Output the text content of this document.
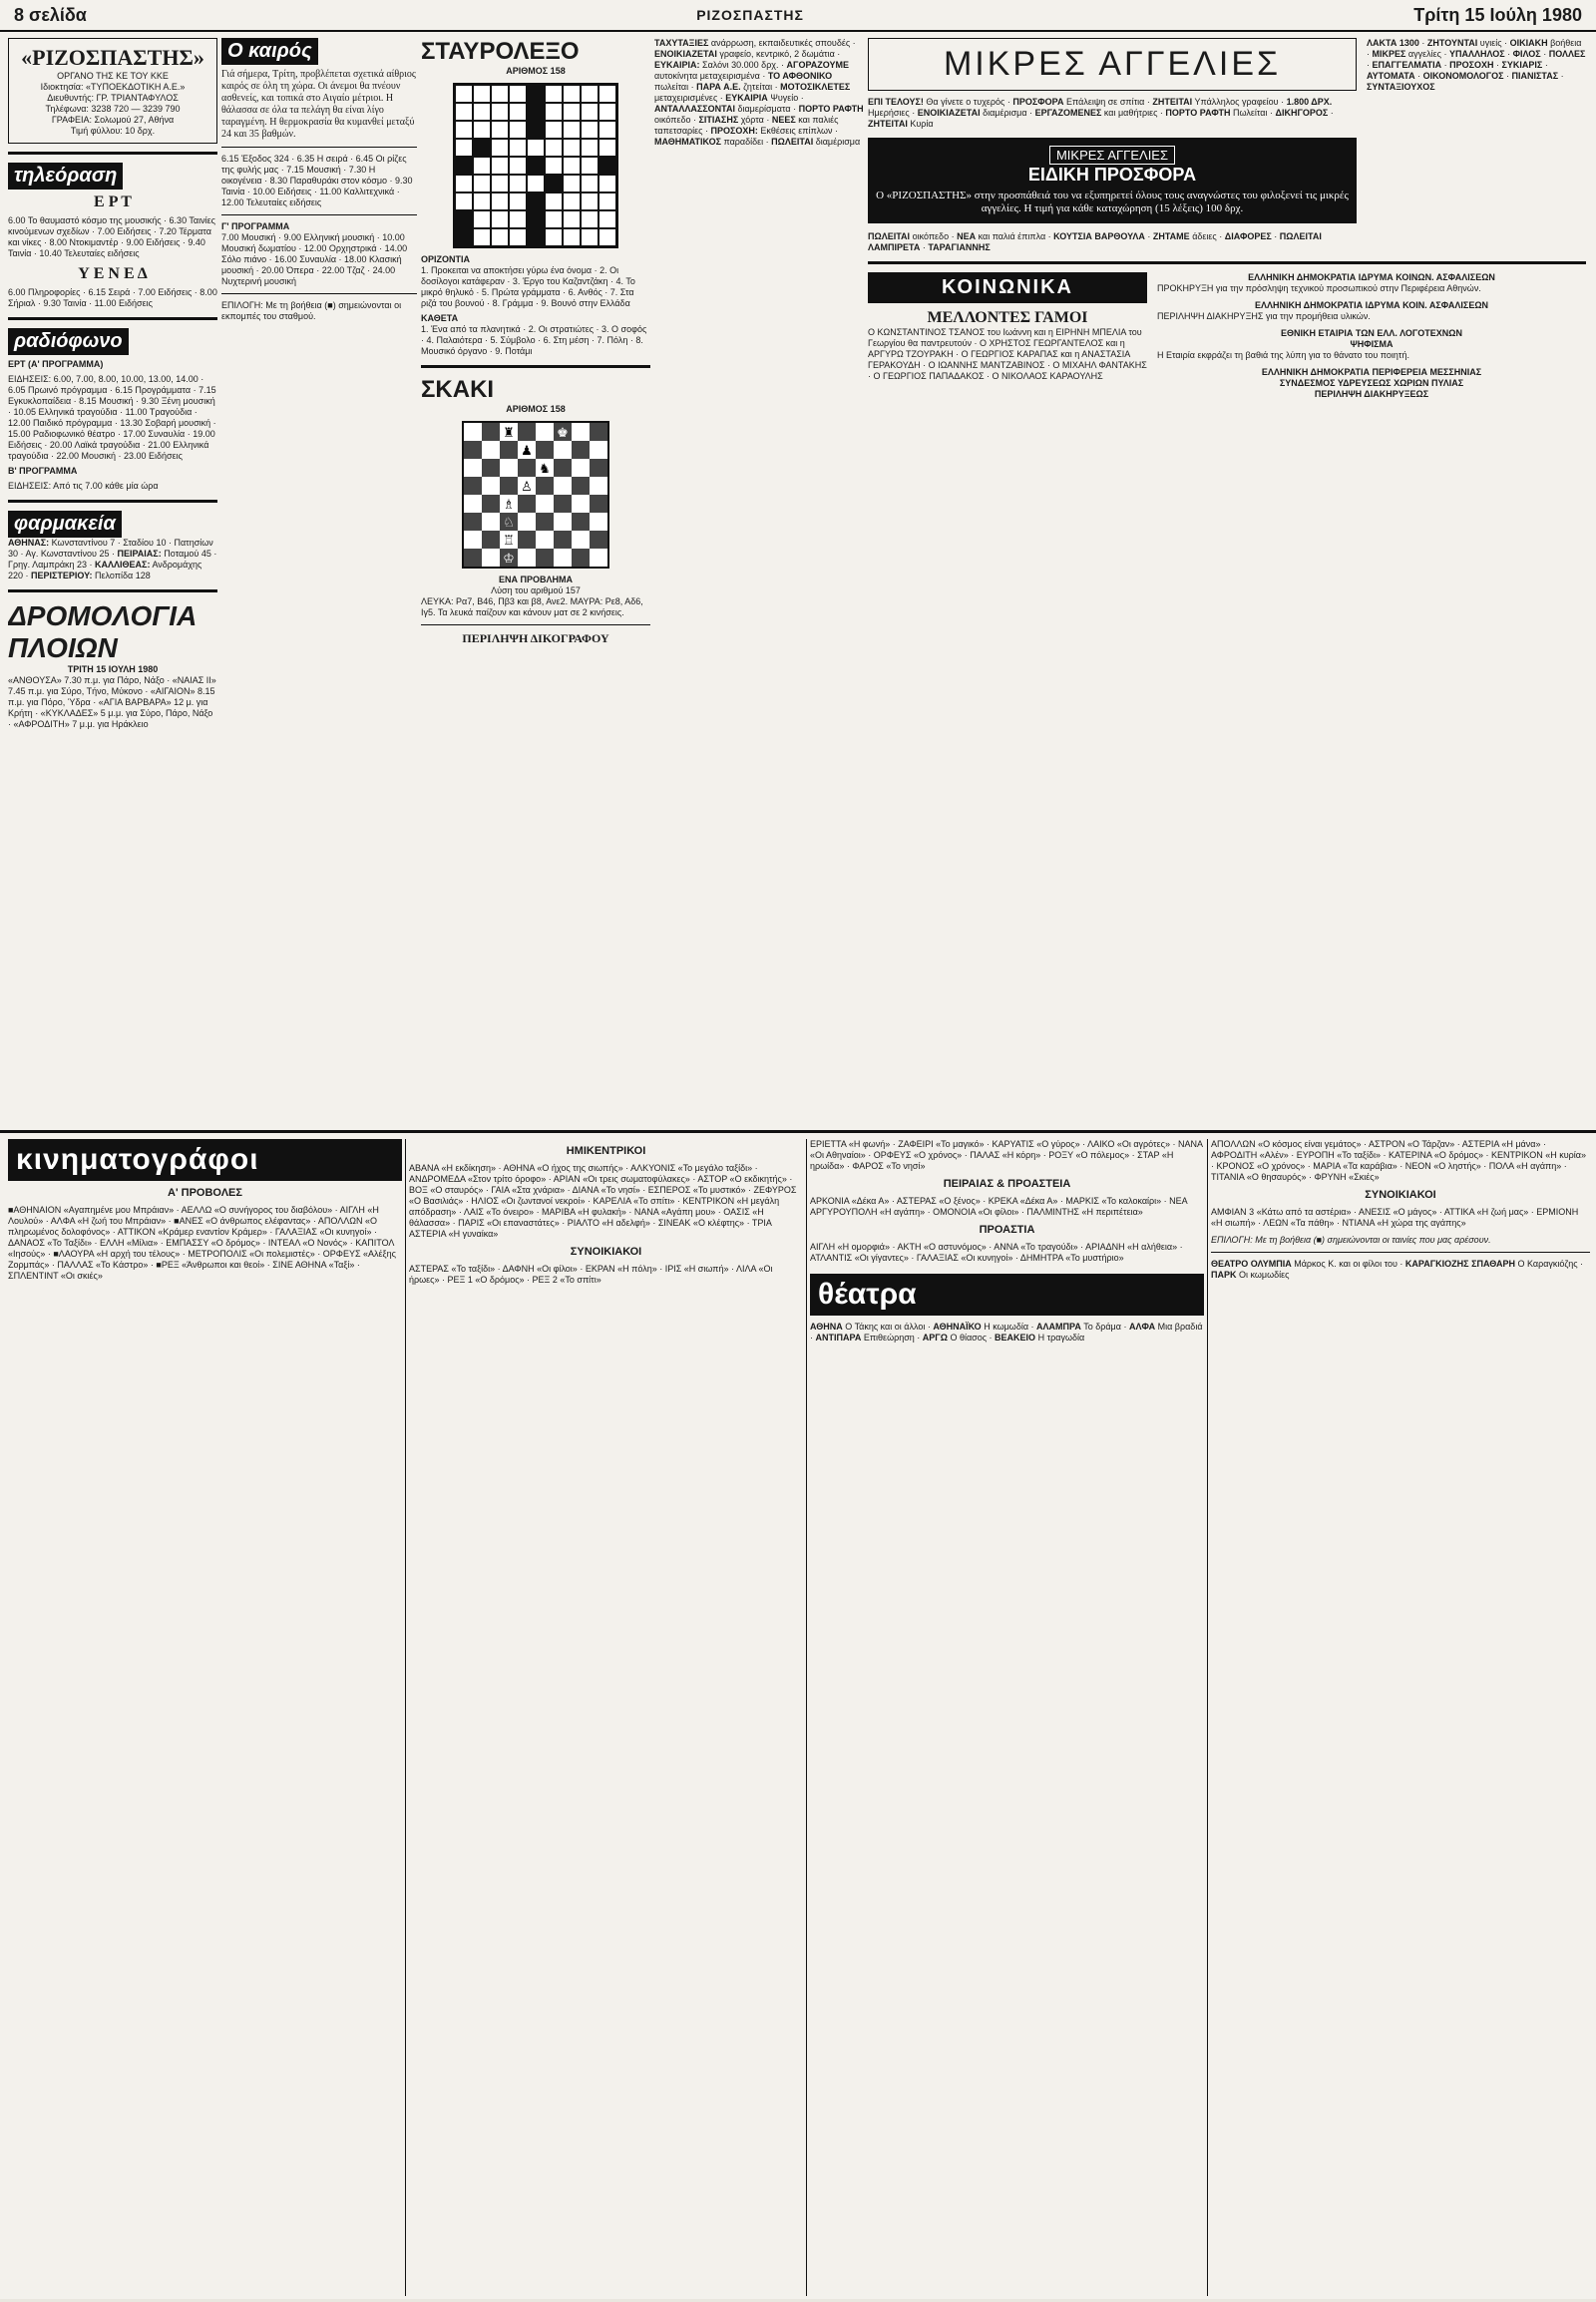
8 σελίδα	ΡΙΖΟΣΠΑΣΤΗΣ	Τρίτη 15 Ιούλη 1980
«ΡΙΖΟΣΠΑΣΤΗΣ»
ΟΡΓΑΝΟ ΤΗΣ ΚΕ ΤΟΥ ΚΚΕ
Ιδιοκτησία: «ΤΥΠΟΕΚΔΟΤΙΚΗ Α.Ε.»
Διευθυντής: ΓΡ. ΤΡΙΑΝΤΑΦΥΛΟΣ
Τηλέφωνα: 3238 720 — 3239 790
ΓΡΑΦΕΙΑ: Σολωμού 27, Αθήνα
Τιμή φύλλου: 10 δρχ.
τηλεόραση
Ε Ρ Τ
6.00 Το θαυμαστό κόσμο της μουσικής · 6.30 Ταινίες κινούμενων σχεδίων · 7.00 Ειδήσεις · 7.20 Τέρματα και νίκες · 8.00 Ντοκιμαντέρ · 9.00 Ειδήσεις · 9.40 Ταινία · 10.40 Τελευταίες ειδήσεις
Υ Ε Ν Ε Δ
6.00 Πληροφορίες · 6.15 Σειρά · 7.00 Ειδήσεις · 8.00 Σήριαλ · 9.30 Ταινία · 11.00 Ειδήσεις
ραδιόφωνο
ΕΡΤ (Α' ΠΡΟΓΡΑΜΜΑ)
ΕΙΔΗΣΕΙΣ: 6.00, 7.00, 8.00, 10.00, 13.00, 14.00 · 6.05 Πρωινό πρόγραμμα · 6.15 Προγράμματα · 7.15 Εγκυκλοπαίδεια · 8.15 Μουσική · 9.30 Ξένη μουσική · 10.05 Ελληνικά τραγούδια · 11.00 Τραγούδια · 12.00 Παιδικό πρόγραμμα · 13.30 Σοβαρή μουσική · 15.00 Ραδιοφωνικό θέατρο · 17.00 Συναυλία · 19.00 Ειδήσεις · 20.00 Λαϊκά τραγούδια · 21.00 Ελληνικά τραγούδια · 22.00 Μουσική · 23.00 Ειδήσεις
Β' ΠΡΟΓΡΑΜΜΑ
ΕΙΔΗΣΕΙΣ: Από τις 7.00 κάθε μία ώρα
φαρμακεία
ΑΘΗΝΑΣ: Κωνσταντίνου 7 · Σταδίου 10 · Πατησίων 30 · Αγ. Κωνσταντίνου 25 · ΠΕΙΡΑΙΑΣ: Ποταμού 45 · Γρηγ. Λαμπράκη 23 · ΚΑΛΛΙΘΕΑΣ: Ανδρομάχης 220 · ΠΕΡΙΣΤΕΡΙΟΥ: Πελοπίδα 128
ΔΡΟΜΟΛΟΓΙΑ ΠΛΟΙΩΝ
ΤΡΙΤΗ 15 ΙΟΥΛΗ 1980
«ΑΝΘΟΥΣΑ» 7.30 π.μ. για Πάρο, Νάξο · «ΝΑΙΑΣ ΙΙ» 7.45 π.μ. για Σύρο, Τήνο, Μύκονο · «ΑΙΓΑΙΟΝ» 8.15 π.μ. για Πόρο, Ύδρα · «ΑΓΙΑ ΒΑΡΒΑΡΑ» 12 μ. για Κρήτη · «ΚΥΚΛΑΔΕΣ» 5 μ.μ. για Σύρο, Πάρο, Νάξο · «ΑΦΡΟΔΙΤΗ» 7 μ.μ. για Ηράκλειο
Ο καιρός
Γιά σήμερα, Τρίτη, προβλέπεται σχετικά αίθριος καιρός σε όλη τη χώρα. Οι άνεμοι θα πνέουν ασθενείς, και τοπικά στο Αιγαίο μέτριοι. Η θάλασσα σε όλα τα πελάγη θα είναι λίγο ταραγμένη. Η θερμοκρασία θα κυμανθεί μεταξύ 24 και 35 βαθμών.
6.15 Έξοδος 324 · 6.35 Η σειρά · 6.45 Οι ρίζες της φυλής μας · 7.15 Μουσική · 7.30 Η οικογένεια · 8.30 Παραθυράκι στον κόσμο · 9.30 Ταινία · 10.00 Ειδήσεις · 11.00 Καλλιτεχνικά · 12.00 Τελευταίες ειδήσεις
Γ' ΠΡΟΓΡΑΜΜΑ
7.00 Μουσική · 9.00 Ελληνική μουσική · 10.00 Μουσική δωματίου · 12.00 Ορχηστρικά · 14.00 Σόλο πιάνο · 16.00 Συναυλία · 18.00 Κλασική μουσική · 20.00 Όπερα · 22.00 Τζαζ · 24.00 Νυχτερινή μουσική
ΕΠΙΛΟΓΗ: Με τη βοήθεια (■) σημειώνονται οι εκπομπές του σταθμού.
ΣΤΑΥΡΟΛΕΞΟ
ΑΡΙΘΜΟΣ 158
ΟΡΙΖΟΝΤΙΑ
1. Προκειται να αποκτήσει γύρω ένα όνομα · 2. Οι δοσίλογοι κατάφεραν · 3. Έργο του Καζαντζάκη · 4. Το μικρό θηλυκό · 5. Πρώτα γράμματα · 6. Ανθός · 7. Στα ριζά του βουνού · 8. Γράμμα · 9. Βουνό στην Ελλάδα
ΚΑΘΕΤΑ
1. Ένα από τα πλανητικά · 2. Οι στρατιώτες · 3. Ο σοφός · 4. Παλαιότερα · 5. Σύμβολο · 6. Στη μέση · 7. Πόλη · 8. Μουσικό όργανο · 9. Ποτάμι
ΣΚΑΚΙ
ΑΡΙΘΜΟΣ 158
♜	♚
♟
♞
♙
♗
♘
♖
♔
ΕΝΑ ΠΡΟΒΛΗΜΑ
Λύση του αριθμού 157
ΛΕΥΚΑ: Ρα7, Β46, Πβ3 και β8, Ανε2. ΜΑΥΡΑ: Ρε8, Αδ6, Ιγ5. Τα λευκά παίζουν και κάνουν ματ σε 2 κινήσεις.
ΠΕΡΙΛΗΨΗ ΔΙΚΟΓΡΑΦΟΥ
ΤΑΧΥΤΑΞΙΕΣ ανάρρωση, εκπαιδευτικές σπουδές · ΕΝΟΙΚΙΑΖΕΤΑΙ γραφείο, κεντρικό, 2 δωμάτια · ΕΥΚΑΙΡΙΑ: Σαλόνι 30.000 δρχ. · ΑΓΟΡΑΖΟΥΜΕ αυτοκίνητα μεταχειρισμένα · ΤΟ ΑΦΘΟΝΙΚΟ πωλείται · ΠΑΡΑ Α.Ε. ζητείται · ΜΟΤΟΣΙΚΛΕΤΕΣ μεταχειρισμένες · ΕΥΚΑΙΡΙΑ Ψυγείο · ΑΝΤΑΛΛΑΣΣΟΝΤΑΙ διαμερίσματα · ΠΟΡΤΟ ΡΑΦΤΗ οικόπεδο · ΣΙΤΙΑΣΗΣ χόρτα · ΝΕΕΣ και παλιές ταπετσαρίες · ΠΡΟΣΟΧΗ: Εκθέσεις επίπλων · ΜΑΘΗΜΑΤΙΚΟΣ παραδίδει · ΠΩΛΕΙΤΑΙ διαμέρισμα
ΜΙΚΡΕΣ ΑΓΓΕΛΙΕΣ
ΕΠΙ ΤΕΛΟΥΣ! Θα γίνετε ο τυχερός · ΠΡΟΣΦΟΡΑ Επάλειψη σε σπίτια · ΖΗΤΕΙΤΑΙ Υπάλληλος γραφείου · 1.800 ΔΡΧ. Ημερήσιες · ΕΝΟΙΚΙΑΖΕΤΑΙ διαμέρισμα · ΕΡΓΑΖΟΜΕΝΕΣ και μαθήτριες · ΠΟΡΤΟ ΡΑΦΤΗ Πωλείται · ΔΙΚΗΓΟΡΟΣ · ΖΗΤΕΙΤΑΙ Κυρία
ΜΙΚΡΕΣ ΑΓΓΕΛΙΕΣ
ΕΙΔΙΚΗ ΠΡΟΣΦΟΡΑ
Ο «ΡΙΖΟΣΠΑΣΤΗΣ» στην προσπάθειά του να εξυπηρετεί όλους τους αναγνώστες του φιλοξενεί τις μικρές αγγελίες. Η τιμή για κάθε καταχώρηση (15 λέξεις) 100 δρχ.
ΠΩΛΕΙΤΑΙ οικόπεδο · ΝΕΑ και παλιά έπιπλα · ΚΟΥΤΣΙΑ ΒΑΡΘΟΥΛΑ · ΖΗΤΑΜΕ άδειες · ΔΙΑΦΟΡΕΣ · ΠΩΛΕΙΤΑΙ ΛΑΜΠΙΡΕΤΑ · ΤΑΡΑΓΙΑΝΝΗΣ
ΛΑΚΤΑ 1300 · ΖΗΤΟΥΝΤΑΙ υγιείς · ΟΙΚΙΑΚΗ βοήθεια · ΜΙΚΡΕΣ αγγελίες · ΥΠΑΛΛΗΛΟΣ · ΦΙΛΟΣ · ΠΟΛΛΕΣ · ΕΠΑΓΓΕΛΜΑΤΙΑ · ΠΡΟΣΟΧΗ · ΣΥΚΙΑΡΙΣ · ΑΥΤΟΜΑΤΑ · ΟΙΚΟΝΟΜΟΛΟΓΟΣ · ΠΙΑΝΙΣΤΑΣ · ΣΥΝΤΑΞΙΟΥΧΟΣ
ΚΟΙΝΩΝΙΚΑ
ΜΕΛΛΟΝΤΕΣ ΓΑΜΟΙ
Ο ΚΩΝΣΤΑΝΤΙΝΟΣ ΤΣΑΝΟΣ του Ιωάννη και η ΕΙΡΗΝΗ ΜΠΕΛΙΑ του Γεωργίου θα παντρευτούν · Ο ΧΡΗΣΤΟΣ ΓΕΩΡΓΑΝΤΕΛΟΣ και η ΑΡΓΥΡΩ ΤΖΟΥΡΑΚΗ · Ο ΓΕΩΡΓΙΟΣ ΚΑΡΑΠΑΣ και η ΑΝΑΣΤΑΣΙΑ ΓΕΡΑΚΟΥΔΗ · Ο ΙΩΑΝΝΗΣ ΜΑΝΤΖΑΒΙΝΟΣ · Ο ΜΙΧΑΗΛ ΦΑΝΤΑΚΗΣ · Ο ΓΕΩΡΓΙΟΣ ΠΑΠΑΔΑΚΟΣ · Ο ΝΙΚΟΛΑΟΣ ΚΑΡΑΟΥΛΗΣ
ΕΛΛΗΝΙΚΗ ΔΗΜΟΚΡΑΤΙΑ ΙΔΡΥΜΑ ΚΟΙΝΩΝ. ΑΣΦΑΛΙΣΕΩΝ
ΠΡΟΚΗΡΥΞΗ για την πρόσληψη τεχνικού προσωπικού στην Περιφέρεια Αθηνών.
ΕΛΛΗΝΙΚΗ ΔΗΜΟΚΡΑΤΙΑ ΙΔΡΥΜΑ ΚΟΙΝ. ΑΣΦΑΛΙΣΕΩΝ
ΠΕΡΙΛΗΨΗ ΔΙΑΚΗΡΥΞΗΣ για την προμήθεια υλικών.
ΕΘΝΙΚΗ ΕΤΑΙΡΙΑ ΤΩΝ ΕΛΛ. ΛΟΓΟΤΕΧΝΩΝ
ΨΗΦΙΣΜΑ
Η Εταιρία εκφράζει τη βαθιά της λύπη για το θάνατο του ποιητή.
ΕΛΛΗΝΙΚΗ ΔΗΜΟΚΡΑΤΙΑ ΠΕΡΙΦΕΡΕΙΑ ΜΕΣΣΗΝΙΑΣ
ΣΥΝΔΕΣΜΟΣ ΥΔΡΕΥΣΕΩΣ ΧΩΡΙΩΝ ΠΥΛΙΑΣ
ΠΕΡΙΛΗΨΗ ΔΙΑΚΗΡΥΞΕΩΣ
κινηματογράφοι
Α' ΠΡΟΒΟΛΕΣ
■ΑΘΗΝΑΙΟΝ «Αγαπημένε μου Μπράιαν» · ΑΕΛΛΩ «Ο συνήγορος του διαβόλου» · ΑΙΓΛΗ «Η Λουλού» · ΑΛΦΑ «Η ζωή του Μπράιαν» · ■ΑΝΕΣ «Ο άνθρωπος ελέφαντας» · ΑΠΟΛΛΩΝ «Ο πληρωμένος δολοφόνος» · ΑΤΤΙΚΟΝ «Κράμερ εναντίον Κράμερ» · ΓΑΛΑΞΙΑΣ «Οι κυνηγοί» · ΔΑΝΑΟΣ «Το Ταξίδι» · ΕΛΛΗ «Μίλια» · ΕΜΠΑΣΣΥ «Ο δρόμος» · ΙΝΤΕΑΛ «Ο Νονός» · ΚΑΠΙΤΟΛ «Ιησούς» · ■ΛΑΟΥΡΑ «Η αρχή του τέλους» · ΜΕΤΡΟΠΟΛΙΣ «Οι πολεμιστές» · ΟΡΦΕΥΣ «Αλέξης Ζορμπάς» · ΠΑΛΛΑΣ «Το Κάστρο» · ■ΡΕΞ «Άνθρωποι και θεοί» · ΣΙΝΕ ΑΘΗΝΑ «Ταξί» · ΣΠΛΕΝΤΙΝΤ «Οι σκιές»
ΗΜΙΚΕΝΤΡΙΚΟΙ
ΑΒΑΝΑ «Η εκδίκηση» · ΑΘΗΝΑ «Ο ήχος της σιωπής» · ΑΛΚΥΟΝΙΣ «Το μεγάλο ταξίδι» · ΑΝΔΡΟΜΕΔΑ «Στον τρίτο όροφο» · ΑΡΙΑΝ «Οι τρεις σωματοφύλακες» · ΑΣΤΟΡ «Ο εκδικητής» · ΒΟΞ «Ο σταυρός» · ΓΑΙΑ «Στα χνάρια» · ΔΙΑΝΑ «Το νησί» · ΕΣΠΕΡΟΣ «Το μυστικό» · ΖΕΦΥΡΟΣ «Ο Βασιλιάς» · ΗΛΙΟΣ «Οι ζωντανοί νεκροί» · ΚΑΡΕΛΙΑ «Το σπίτι» · ΚΕΝΤΡΙΚΟΝ «Η μεγάλη απόδραση» · ΛΑΙΣ «Το όνειρο» · ΜΑΡΙΒΑ «Η φυλακή» · ΝΑΝΑ «Αγάπη μου» · ΟΑΣΙΣ «Η θάλασσα» · ΠΑΡΙΣ «Οι επαναστάτες» · ΡΙΑΛΤΟ «Η αδελφή» · ΣΙΝΕΑΚ «Ο κλέφτης» · ΤΡΙΑ ΑΣΤΕΡΙΑ «Η γυναίκα»
ΣΥΝΟΙΚΙΑΚΟΙ
ΑΣΤΕΡΑΣ «Το ταξίδι» · ΔΑΦΝΗ «Οι φίλοι» · ΕΚΡΑΝ «Η πόλη» · ΙΡΙΣ «Η σιωπή» · ΛΙΛΑ «Οι ήρωες» · ΡΕΞ 1 «Ο δρόμος» · ΡΕΞ 2 «Το σπίτι»
ΕΡΙΕΤΤΑ «Η φωνή» · ΖΑΦΕΙΡΙ «Το μαγικό» · ΚΑΡΥΑΤΙΣ «Ο γύρος» · ΛΑΙΚΟ «Οι αγρότες» · ΝΑΝΑ «Οι Αθηναίοι» · ΟΡΦΕΥΣ «Ο χρόνος» · ΠΑΛΑΣ «Η κόρη» · ΡΟΞΥ «Ο πόλεμος» · ΣΤΑΡ «Η ηρωίδα» · ΦΑΡΟΣ «Το νησί»
ΠΕΙΡΑΙΑΣ & ΠΡΟΑΣΤΕΙΑ
ΑΡΚΟΝΙΑ «Δέκα Α» · ΑΣΤΕΡΑΣ «Ο ξένος» · ΚΡΕΚΑ «Δέκα Α» · ΜΑΡΚΙΣ «Το καλοκαίρι» · ΝΕΑ ΑΡΓΥΡΟΥΠΟΛΗ «Η αγάπη» · ΟΜΟΝΟΙΑ «Οι φίλοι» · ΠΑΛΜΙΝΤΗΣ «Η περιπέτεια»
ΠΡΟΑΣΤΙΑ
ΑΙΓΛΗ «Η ομορφιά» · ΑΚΤΗ «Ο αστυνόμος» · ΑΝΝΑ «Το τραγούδι» · ΑΡΙΑΔΝΗ «Η αλήθεια» · ΑΤΛΑΝΤΙΣ «Οι γίγαντες» · ΓΑΛΑΞΙΑΣ «Οι κυνηγοί» · ΔΗΜΗΤΡΑ «Το μυστήριο»
θέατρα
ΑΘΗΝΑ Ο Τάκης και οι άλλοι · ΑΘΗΝΑΪΚΟ Η κωμωδία · ΑΛΑΜΠΡΑ Το δράμα · ΑΛΦΑ Μια βραδιά · ΑΝΤΙΠΑΡΑ Επιθεώρηση · ΑΡΓΩ Ο θίασος · ΒΕΑΚΕΙΟ Η τραγωδία
ΑΠΟΛΛΩΝ «Ο κόσμος είναι γεμάτος» · ΑΣΤΡΟΝ «Ο Τάρζαν» · ΑΣΤΕΡΙΑ «Η μάνα» · ΑΦΡΟΔΙΤΗ «Αλέν» · ΕΥΡΟΠΗ «Το ταξίδι» · ΚΑΤΕΡΙΝΑ «Ο δρόμος» · ΚΕΝΤΡΙΚΟΝ «Η κυρία» · ΚΡΟΝΟΣ «Ο χρόνος» · ΜΑΡΙΑ «Τα καράβια» · ΝΕΟΝ «Ο ληστής» · ΠΟΛΑ «Η αγάπη» · ΤΙΤΑΝΙΑ «Ο θησαυρός» · ΦΡΥΝΗ «Σκιές»
ΣΥΝΟΙΚΙΑΚΟΙ
ΑΜΦΙΑΝ 3 «Κάτω από τα αστέρια» · ΑΝΕΣΙΣ «Ο μάγος» · ΑΤΤΙΚΑ «Η ζωή μας» · ΕΡΜΙΟΝΗ «Η σιωπή» · ΛΕΩΝ «Τα πάθη» · ΝΤΙΑΝΑ «Η χώρα της αγάπης»
ΕΠΙΛΟΓΗ: Με τη βοήθεια (■) σημειώνονται οι ταινίες που μας αρέσουν.
ΘΕΑΤΡΟ ΟΛΥΜΠΙΑ Μάρκος Κ. και οι φίλοι του · ΚΑΡΑΓΚΙΟΖΗΣ ΣΠΑΘΑΡΗ Ο Καραγκιόζης · ΠΑΡΚ Οι κωμωδίες
